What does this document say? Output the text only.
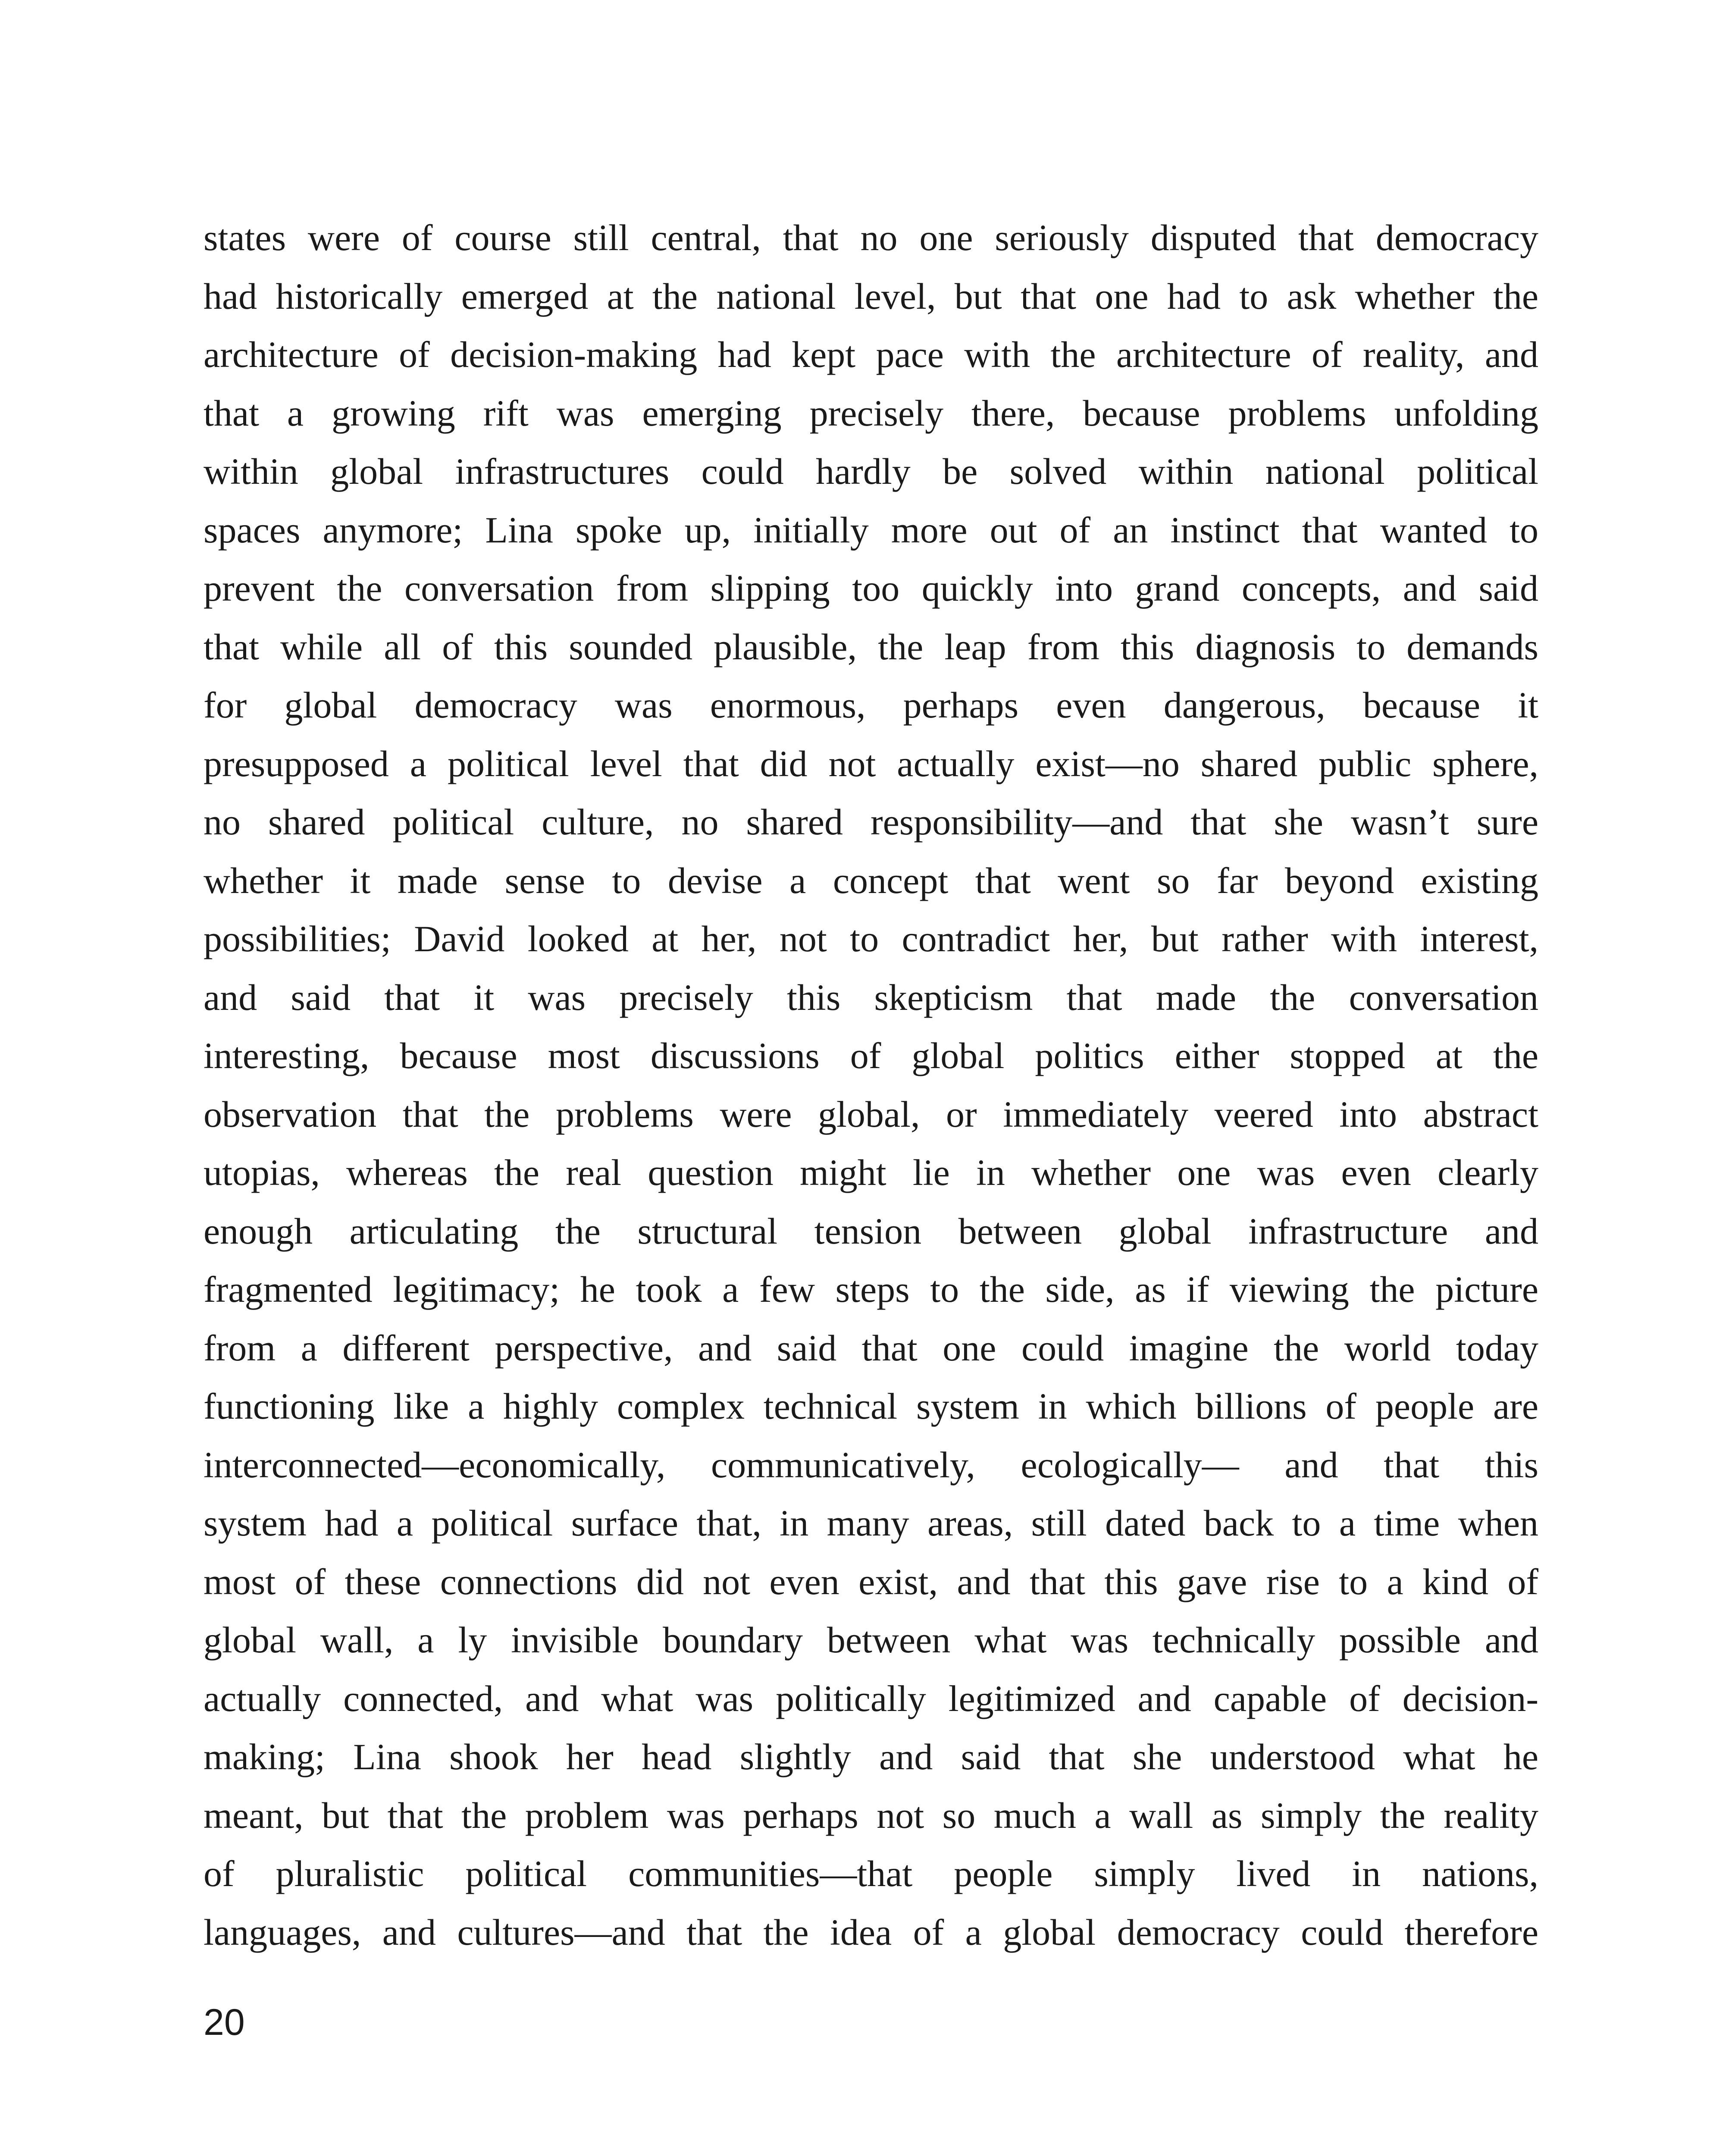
states were of course still central, that no one seriously disputed that democracy
had historically emerged at the national level, but that one had to ask whether the
architecture of decision-making had kept pace with the architecture of reality, and
that a growing rift was emerging precisely there, because problems unfolding
within global infrastructures could hardly be solved within national political
spaces anymore; Lina spoke up, initially more out of an instinct that wanted to
prevent the conversation from slipping too quickly into grand concepts, and said
that while all of this sounded plausible, the leap from this diagnosis to demands
for global democracy was enormous, perhaps even dangerous, because it
presupposed a political level that did not actually exist—no shared public sphere,
no shared political culture, no shared responsibility—and that she wasn’t sure
whether it made sense to devise a concept that went so far beyond existing
possibilities; David looked at her, not to contradict her, but rather with interest,
and said that it was precisely this skepticism that made the conversation
interesting, because most discussions of global politics either stopped at the
observation that the problems were global, or immediately veered into abstract
utopias, whereas the real question might lie in whether one was even clearly
enough articulating the structural tension between global infrastructure and
fragmented legitimacy; he took a few steps to the side, as if viewing the picture
from a different perspective, and said that one could imagine the world today
functioning like a highly complex technical system in which billions of people are
interconnected—economically, communicatively, ecologically— and that this
system had a political surface that, in many areas, still dated back to a time when
most of these connections did not even exist, and that this gave rise to a kind of
global wall, a ly invisible boundary between what was technically possible and
actually connected, and what was politically legitimized and capable of decision-
making; Lina shook her head slightly and said that she understood what he
meant, but that the problem was perhaps not so much a wall as simply the reality
of pluralistic political communities—that people simply lived in nations,
languages, and cultures—and that the idea of a global democracy could therefore
20
